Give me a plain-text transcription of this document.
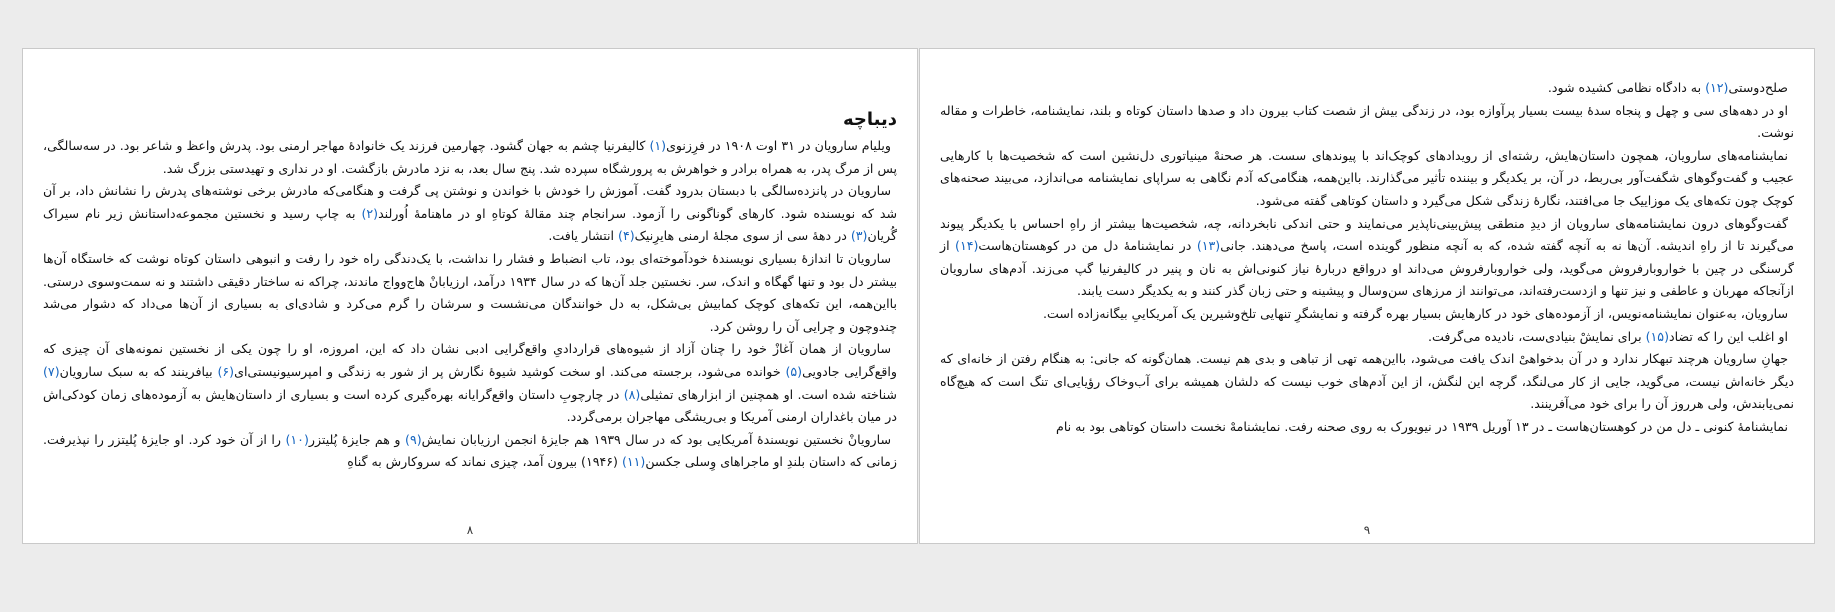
دیباچه

ویلیام سارویان در ۳۱ اوت ۱۹۰۸ در فرِزنوی(۱) کالیفرنیا چشم به جهان گشود. چهارمین فرزند یک خانوادهٔ مهاجر ارمنی بود. پدرش واعظ و شاعر بود. در سه‌سالگی، پس از مرگ پدر، به همراه برادر و خواهرش به پرورشگاه سپرده شد. پنج سال بعد، به نزد مادرش بازگشت. او در نداری و تهیدستی بزرگ شد.

سارویان در پانزده‌سالگی با دبستان بدرود گفت. آموزش را خودش با خواندن و نوشتن پی گرفت و هنگامی‌که مادرش برخی نوشته‌های پدرش را نشانش داد، بر آن شد که نویسنده شود. کارهای گوناگونی را آزمود. سرانجام چند مقالهٔ کوتاهِ او در ماهنامهٔ اُورلند(۲) به چاپ رسید و نخستین مجموعه‌داستانش زیر نام سیراک گُریان(۳) در دههٔ سی از سوی مجلهٔ ارمنی هایرِنیک(۴) انتشار یافت.

سارویان تا اندازهٔ بسیاری نویسندهٔ خودآموخته‌ای بود، تاب انضباط و فشار را نداشت، با یک‌دندگی راه خود را رفت و انبوهی داستان کوتاه نوشت که خاستگاه آن‌ها بیشتر دل بود و تنها گهگاه و اندک، سر. نخستین جلد آن‌ها که در سال ۱۹۳۴ درآمد، ارزیابانْ هاج‌وواج ماندند، چراکه نه ساختار دقیقی داشتند و نه سمت‌وسوی درستی. بااین‌همه، این تکه‌های کوچک کمابیش بی‌شکل، به دل خوانندگان می‌نشست و سرشان را گرم می‌کرد و شادی‌ای به بسیاری از آن‌ها می‌داد که دشوار می‌شد چندوچون و چرایی آن را روشن کرد.

سارویان از همان آغازْ خود را چنان آزاد از شیوه‌های قراردادیِ واقع‌گرایی ادبی نشان داد که این، امروزه، او را چون یکی از نخستین نمونه‌های آن چیزی که واقع‌گرایی جادویی(۵) خوانده می‌شود، برجسته می‌کند. او سخت کوشید شیوهٔ نگارش پر از شور به زندگی و امپرسیونیستی‌ای(۶) بیافرینند که به سبک سارویان(۷) شناخته شده است. او همچنین از ابزارهای تمثیلی(۸) در چارچوبِ داستان واقع‌گرایانه بهره‌گیری کرده است و بسیاری از داستان‌هایش به آزموده‌های زمان کودکی‌اش در میان باغداران ارمنی آمریکا و بی‌ریشگی مهاجران برمی‌گردد.

سارویانْ نخستین نویسندهٔ آمریکایی بود که در سال ۱۹۳۹ هم جایزهٔ انجمن ارزیابان نمایش(۹) و هم جایزهٔ پُلیتزر(۱۰) را از آن خود کرد. او جایزهٔ پُلیتزر را نپذیرفت. زمانی که داستان بلندِ او ماجراهای وِسلی جکسن(۱۱) (۱۹۴۶) بیرون آمد، چیزی نماند که سروکارش به گناهِ

۸

صلح‌دوستی(۱۲) به دادگاه نظامی کشیده شود.

او در دهه‌های سی و چهل و پنجاه سدهٔ بیست بسیار پرآوازه بود، در زندگی بیش از شصت کتاب بیرون داد و صدها داستان کوتاه و بلند، نمایشنامه، خاطرات و مقاله نوشت.

نمایشنامه‌های سارویان، همچون داستان‌هایش، رشته‌ای از رویدادهای کوچک‌اند با پیوندهای سست. هر صحنهْ مینیاتوری دل‌نشین است که شخصیت‌ها با کارهایی عجیب و گفت‌وگوهای شگفت‌آور بی‌ربط، در آن، بر یکدیگر و بیننده تأثیر می‌گذارند. بااین‌همه، هنگامی‌که آدم نگاهی به سراپای نمایشنامه می‌اندازد، می‌بیند صحنه‌های کوچک چون تکه‌های یک موزاییک جا می‌افتند، نگارهٔ زندگی شکل می‌گیرد و داستان کوتاهی گفته می‌شود.

گفت‌وگوهای درون نمایشنامه‌های سارویان از دیدِ منطقی پیش‌بینی‌ناپذیر می‌نمایند و حتی اندکی نابخردانه، چه، شخصیت‌ها بیشتر از راهِ احساس با یکدیگر پیوند می‌گیرند تا از راهِ اندیشه. آن‌ها نه به آنچه گفته شده، که به آنچه منظور گوینده است، پاسخ می‌دهند. جانی(۱۳) در نمایشنامهٔ دل من در کوهستان‌هاست(۱۴) از گرسنگی در چین با خواروبارفروش می‌گوید، ولی خواروبارفروش می‌داند او درواقع دربارهٔ نیاز کنونی‌اش به نان و پنیر در کالیفرنیا گپ می‌زند. آدم‌های سارویان ازآنجاکه مهربان و عاطفی و نیز تنها و ازدست‌رفته‌اند، می‌توانند از مرزهای سن‌وسال و پیشینه و حتی زبان گذر کنند و به یکدیگر دست یابند.

سارویان، به‌عنوان نمایشنامه‌نویس، از آزموده‌های خود در کارهایش بسیار بهره گرفته و نمایشگرِ تنهایی تلخ‌وشیرین یک آمریکاییِ بیگانه‌زاده است.

او اغلب این را که تضاد(۱۵) برای نمایشْ بنیادی‌ست، نادیده می‌گرفت.

جهانِ سارویان هرچند تبهکار ندارد و در آن بدخواهیْ اندک یافت می‌شود، بااین‌همه تهی از تباهی و بدی هم نیست. همان‌گونه که جانی: به هنگام رفتن از خانه‌ای که دیگر خانه‌اش نیست، می‌گوید، جایی از کار می‌لنگد، گرچه این لنگش، از این آدم‌های خوب نیست که دلشان همیشه برای آب‌وخاک رؤیایی‌ای تنگ است که هیچ‌گاه نمی‌یابندش، ولی هرروز آن را برای خود می‌آفرینند.

نمایشنامهٔ کنونی ـ دل من در کوهستان‌هاست ـ در ۱۳ آوریل ۱۹۳۹ در نیویورک به روی صحنه رفت. نمایشنامهْ نخست داستان کوتاهی بود به نام

۹
